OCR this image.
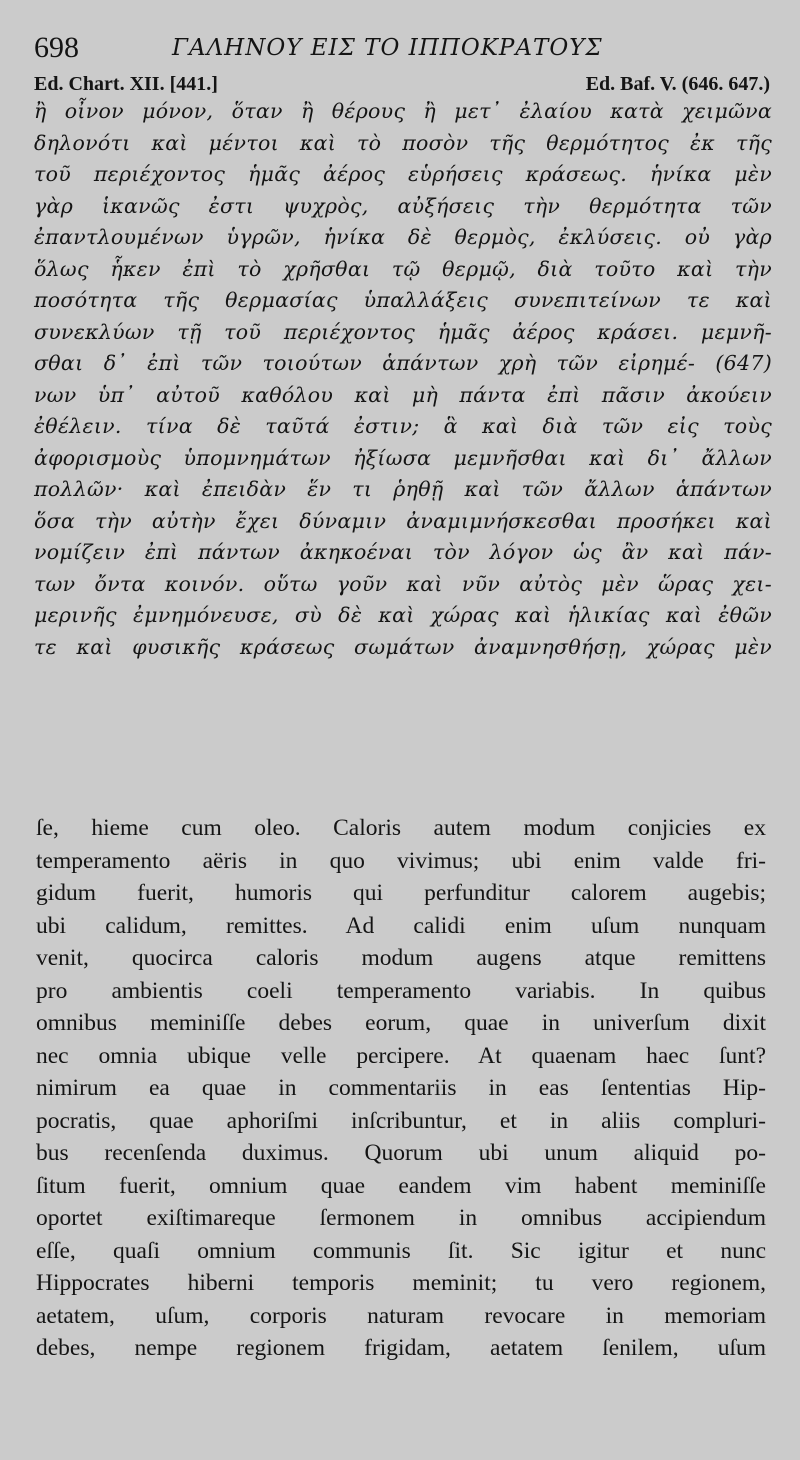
698	ΓΑΛΗΝΟΥ ΕΙΣ ΤΟ ΙΠΠΟΚΡΑΤΟΥΣ
Ed. Chart. XII. [441.]	Ed. Baf. V. (646. 647.)
ἢ οἶνον μόνον, ὅταν ἢ θέρους ἢ μετ᾽ ἐλαίου κατὰ χειμῶνα
δηλονότι καὶ μέντοι καὶ τὸ ποσὸν τῆς θερμότητος ἐκ τῆς
τοῦ περιέχοντος ἡμᾶς ἀέρος εὑρήσεις κράσεως. ἡνίκα μὲν
γὰρ ἱκανῶς ἐστι ψυχρὸς, αὐξήσεις τὴν θερμότητα τῶν
ἐπαντλουμένων ὑγρῶν, ἡνίκα δὲ θερμὸς, ἐκλύσεις. οὐ γὰρ
ὅλως ἧκεν ἐπὶ τὸ χρῆσθαι τῷ θερμῷ, διὰ τοῦτο καὶ τὴν
ποσότητα τῆς θερμασίας ὑπαλλάξεις συνεπιτείνων τε καὶ
συνεκλύων τῇ τοῦ περιέχοντος ἡμᾶς ἀέρος κράσει. μεμνῆ-
σθαι δ᾽ ἐπὶ τῶν τοιούτων ἁπάντων χρὴ τῶν εἰρημέ- (647)
νων ὑπ᾽ αὐτοῦ καθόλου καὶ μὴ πάντα ἐπὶ πᾶσιν ἀκούειν
ἐθέλειν. τίνα δὲ ταῦτά ἐστιν; ἃ καὶ διὰ τῶν εἰς τοὺς
ἀφορισμοὺς ὑπομνημάτων ἠξίωσα μεμνῆσθαι καὶ δι᾽ ἄλλων
πολλῶν· καὶ ἐπειδὰν ἕν τι ῥηθῇ καὶ τῶν ἄλλων ἁπάντων
ὅσα τὴν αὐτὴν ἔχει δύναμιν ἀναμιμνήσκεσθαι προσήκει καὶ
νομίζειν ἐπὶ πάντων ἀκηκοέναι τὸν λόγον ὡς ἂν καὶ πάν-
των ὄντα κοινόν. οὕτω γοῦν καὶ νῦν αὐτὸς μὲν ὥρας χει-
μερινῆς ἐμνημόνευσε, σὺ δὲ καὶ χώρας καὶ ἡλικίας καὶ ἐθῶν
τε καὶ φυσικῆς κράσεως σωμάτων ἀναμνησθήσῃ, χώρας μὲν
ſe, hieme cum oleo. Caloris autem modum conjicies ex
temperamento aëris in quo vivimus; ubi enim valde fri-
gidum fuerit, humoris qui perfunditur calorem augebis;
ubi calidum, remittes. Ad calidi enim uſum nunquam
venit, quocirca caloris modum augens atque remittens
pro ambientis coeli temperamento variabis. In quibus
omnibus meminiſſe debes eorum, quae in univerſum dixit
nec omnia ubique velle percipere. At quaenam haec ſunt?
nimirum ea quae in commentariis in eas ſententias Hip-
pocratis, quae aphoriſmi inſcribuntur, et in aliis compluri-
bus recenſenda duximus. Quorum ubi unum aliquid po-
ſitum fuerit, omnium quae eandem vim habent meminiſſe
oportet exiſtimareque ſermonem in omnibus accipiendum
eſſe, quaſi omnium communis ſit. Sic igitur et nunc
Hippocrates hiberni temporis meminit; tu vero regionem,
aetatem, uſum, corporis naturam revocare in memoriam
debes, nempe regionem frigidam, aetatem ſenilem, uſum
